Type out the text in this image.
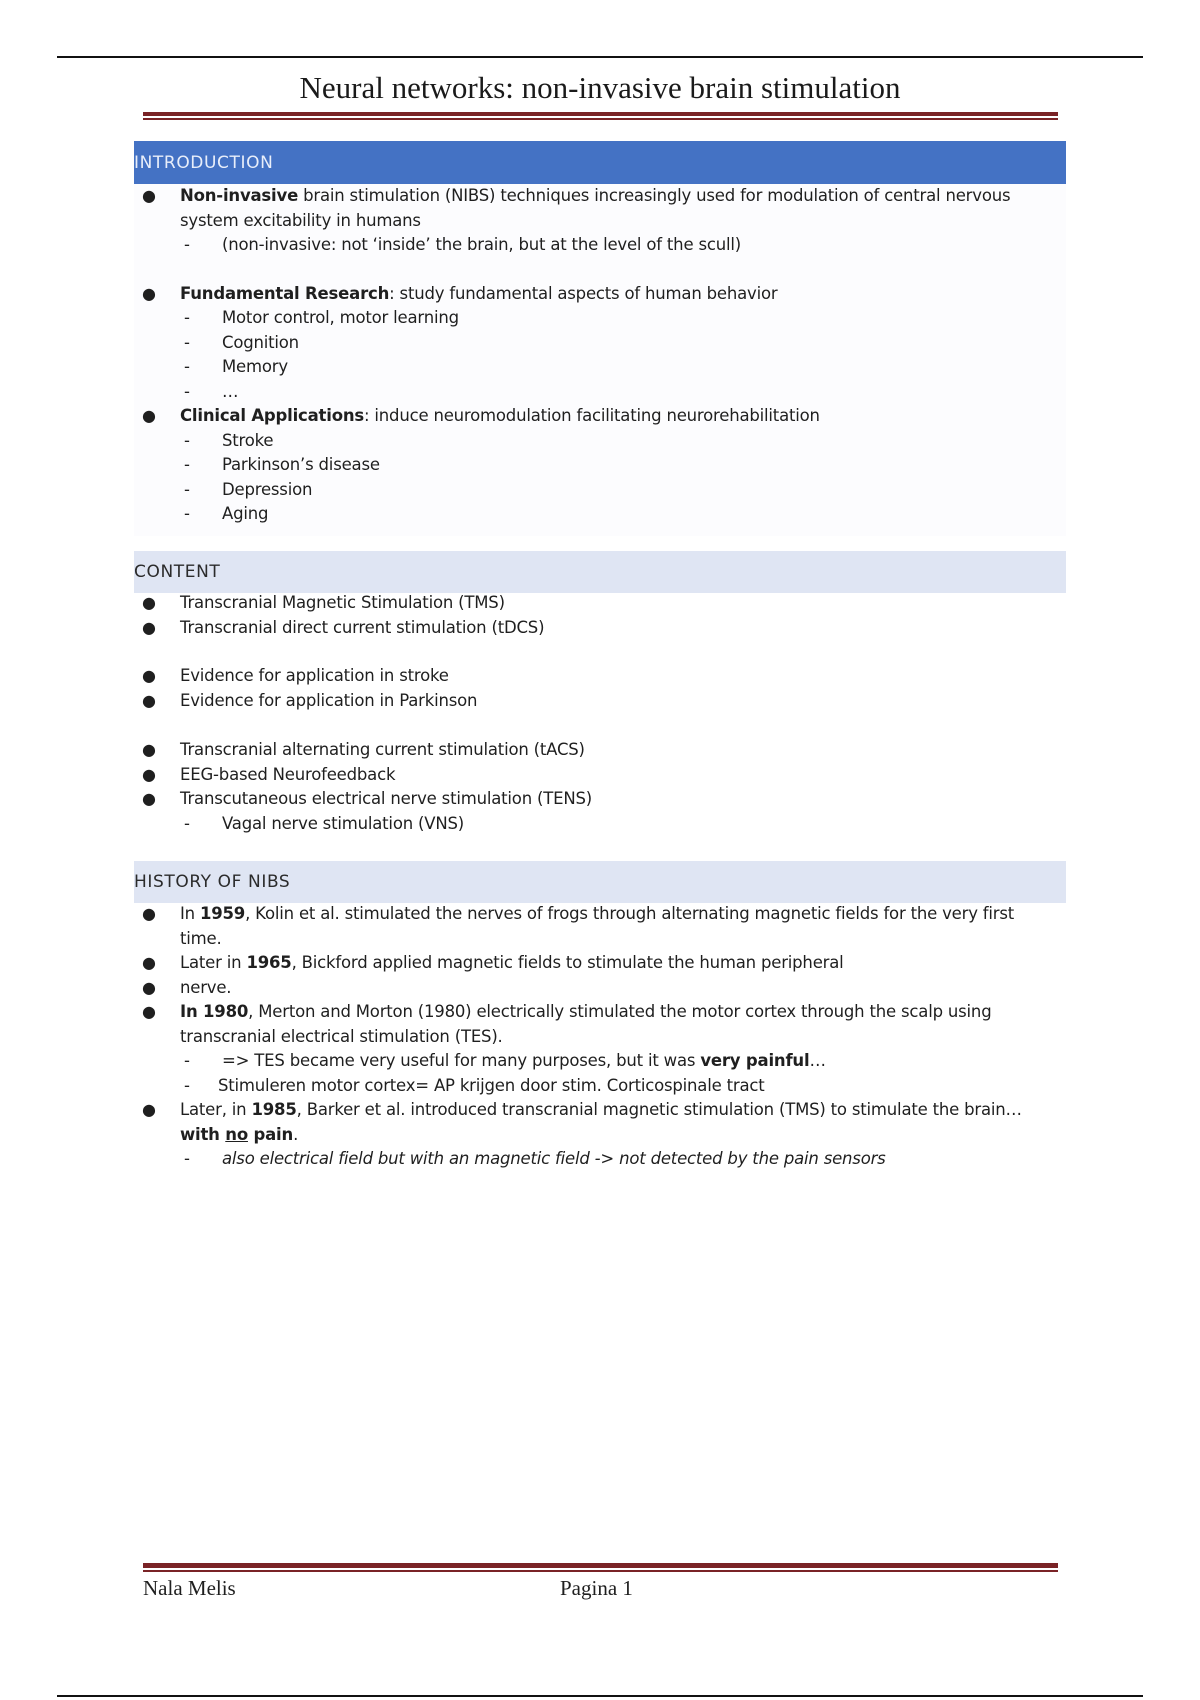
Neural networks: non-invasive brain stimulation
INTRODUCTION
● Non-invasive brain stimulation (NIBS) techniques increasingly used for modulation of central nervous
system excitability in humans
- (non-invasive: not ‘inside’ the brain, but at the level of the scull)
● Fundamental Research: study fundamental aspects of human behavior
- Motor control, motor learning
- Cognition
- Memory
- …
● Clinical Applications: induce neuromodulation facilitating neurorehabilitation
- Stroke
- Parkinson’s disease
- Depression
- Aging
CONTENT
● Transcranial Magnetic Stimulation (TMS)
● Transcranial direct current stimulation (tDCS)
● Evidence for application in stroke
● Evidence for application in Parkinson
● Transcranial alternating current stimulation (tACS)
● EEG-based Neurofeedback
● Transcutaneous electrical nerve stimulation (TENS)
- Vagal nerve stimulation (VNS)
HISTORY OF NIBS
● In 1959, Kolin et al. stimulated the nerves of frogs through alternating magnetic fields for the very first
time.
● Later in 1965, Bickford applied magnetic fields to stimulate the human peripheral
● nerve.
● In 1980, Merton and Morton (1980) electrically stimulated the motor cortex through the scalp using
transcranial electrical stimulation (TES).
- => TES became very useful for many purposes, but it was very painful…
- Stimuleren motor cortex= AP krijgen door stim. Corticospinale tract
● Later, in 1985, Barker et al. introduced transcranial magnetic stimulation (TMS) to stimulate the brain…
with no pain.
- also electrical field but with an magnetic field -> not detected by the pain sensors
Nala Melis	Pagina 1
